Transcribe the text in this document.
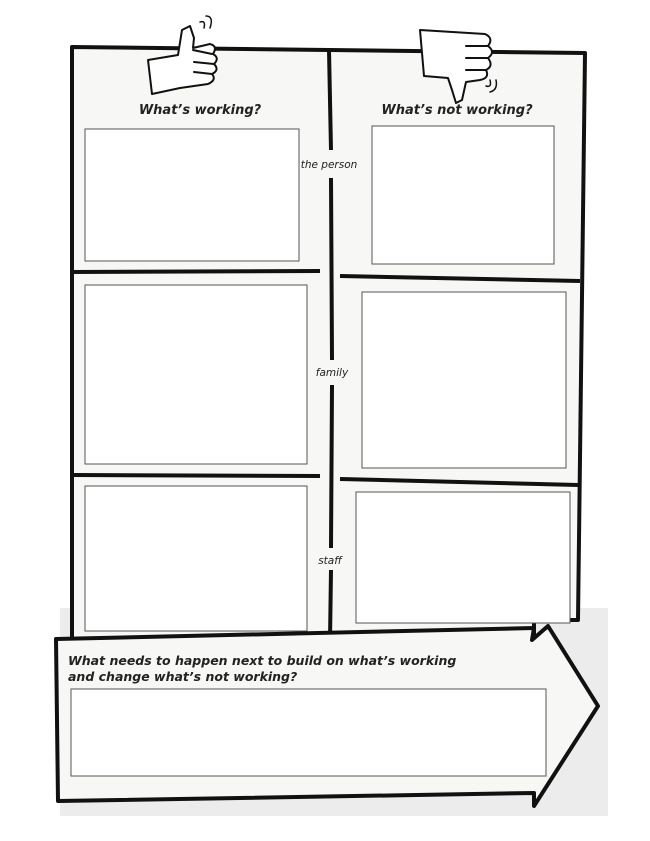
What’s working?	What’s not working?
the person
family
staff
What needs to happen next to build on what’s working
and change what’s not working?
